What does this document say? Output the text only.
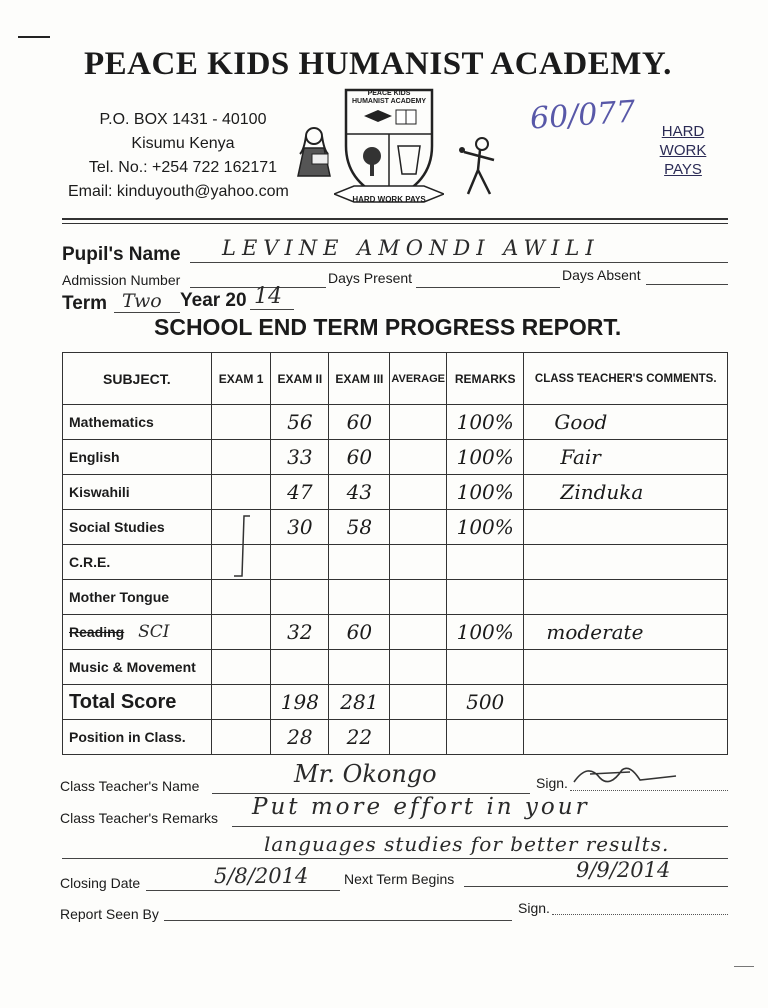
PEACE KIDS HUMANIST ACADEMY.
P.O. BOX 1431 - 40100
Kisumu Kenya
Tel. No.: +254 722 162171
Email: kinduyouth@yahoo.com
PEACE KIDS HUMANIST ACADEMY
HARD WORK PAYS
60/077	HARD
WORK
PAYS
Pupil's Name LEVINE AMONDI AWILI
Admission Number	Days Present	Days Absent
Term Two Year 20 14
SCHOOL END TERM PROGRESS REPORT.
SUBJECT.	EXAM 1	EXAM II	EXAM III	AVERAGE	REMARKS	CLASS TEACHER'S COMMENTS.
Mathematics		56	60		100%	Good
English		33	60		100%	Fair
Kiswahili		47	43		100%	Zinduka
Social Studies		30	58		100%	
C.R.E.						
Mother Tongue						
Reading SCI		32	60		100%	moderate
Music & Movement						
Total Score		198	281		500	
Position in Class.		28	22			
Class Teacher's Name	Mr. Okongo	Sign.
Class Teacher's Remarks Put more effort in your
languages studies for better results.
Closing Date	5/8/2014	Next Term Begins	9/9/2014
Report Seen By	Sign.
